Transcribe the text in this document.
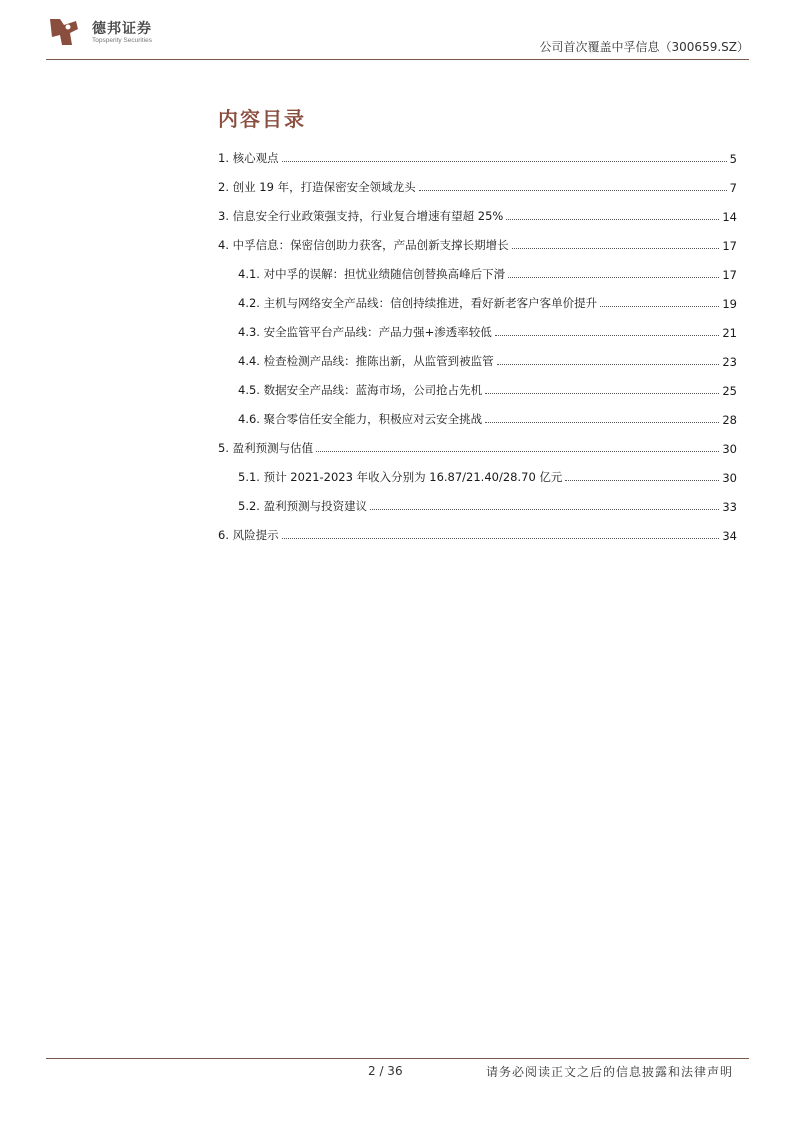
德邦证券
Topsperity Securities	公司首次覆盖中孚信息（300659.SZ）
内容目录
1. 核心观点	5
2. 创业 19 年，打造保密安全领域龙头	7
3. 信息安全行业政策强支持，行业复合增速有望超 25%	14
4. 中孚信息：保密信创助力获客，产品创新支撑长期增长	17
4.1. 对中孚的误解：担忧业绩随信创替换高峰后下滑	17
4.2. 主机与网络安全产品线：信创持续推进，看好新老客户客单价提升	19
4.3. 安全监管平台产品线：产品力强+渗透率较低	21
4.4. 检查检测产品线：推陈出新，从监管到被监管	23
4.5. 数据安全产品线：蓝海市场，公司抢占先机	25
4.6. 聚合零信任安全能力，积极应对云安全挑战	28
5. 盈利预测与估值	30
5.1. 预计 2021-2023 年收入分别为 16.87/21.40/28.70 亿元	30
5.2. 盈利预测与投资建议	33
6. 风险提示	34
2 / 36	请务必阅读正文之后的信息披露和法律声明
